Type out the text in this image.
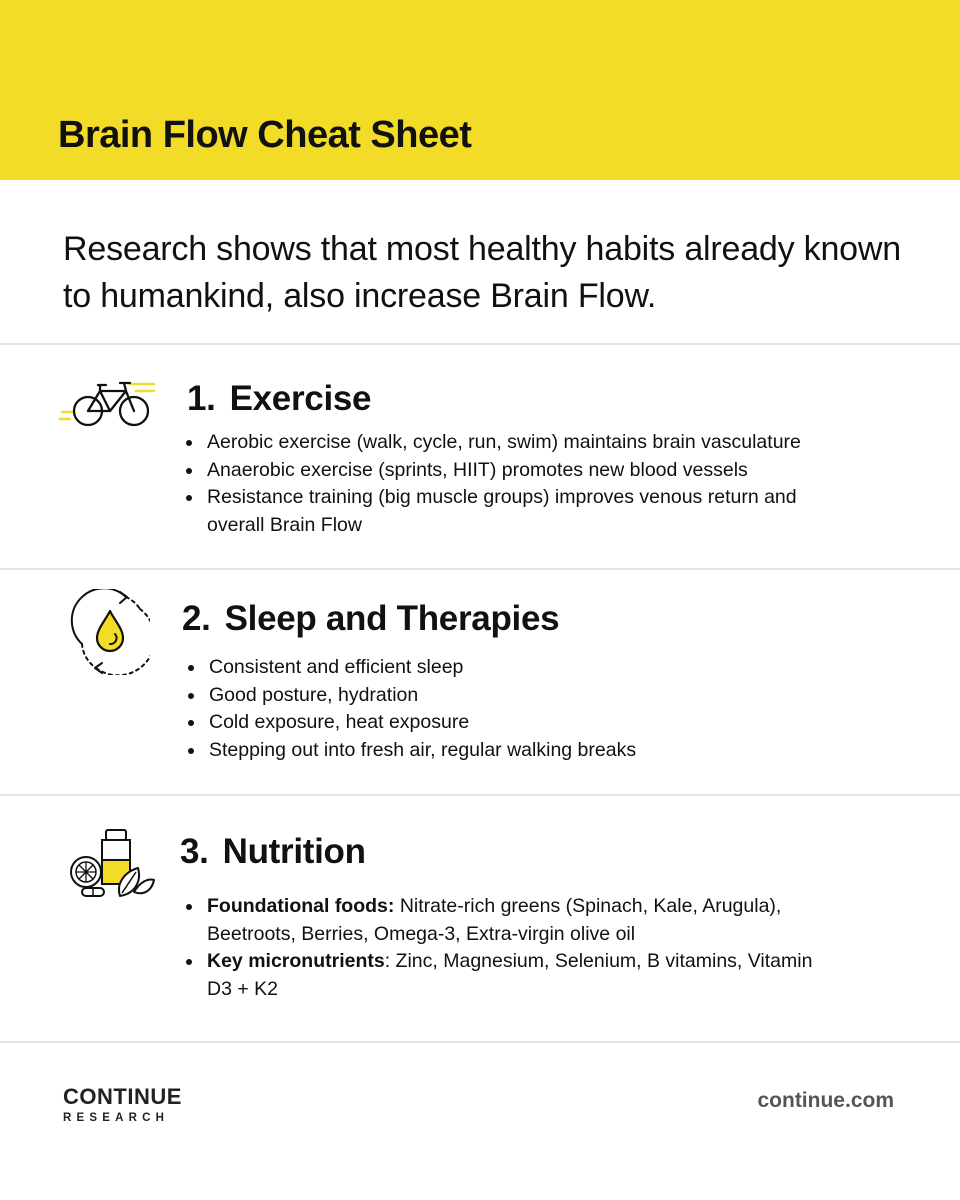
Brain Flow Cheat Sheet

Research shows that most healthy habits already known to humankind, also increase Brain Flow.

1. Exercise
Aerobic exercise (walk, cycle, run, swim) maintains brain vasculature
Anaerobic exercise (sprints, HIIT) promotes new blood vessels
Resistance training (big muscle groups) improves venous return and overall Brain Flow
2. Sleep and Therapies
Consistent and efficient sleep
Good posture, hydration
Cold exposure, heat exposure
Stepping out into fresh air, regular walking breaks
3. Nutrition
Foundational foods: Nitrate-rich greens (Spinach, Kale, Arugula), Beetroots, Berries, Omega-3, Extra-virgin olive oil
Key micronutrients: Zinc, Magnesium, Selenium, B vitamins, Vitamin D3 + K2
CONTINUE
RESEARCH
continue.com
